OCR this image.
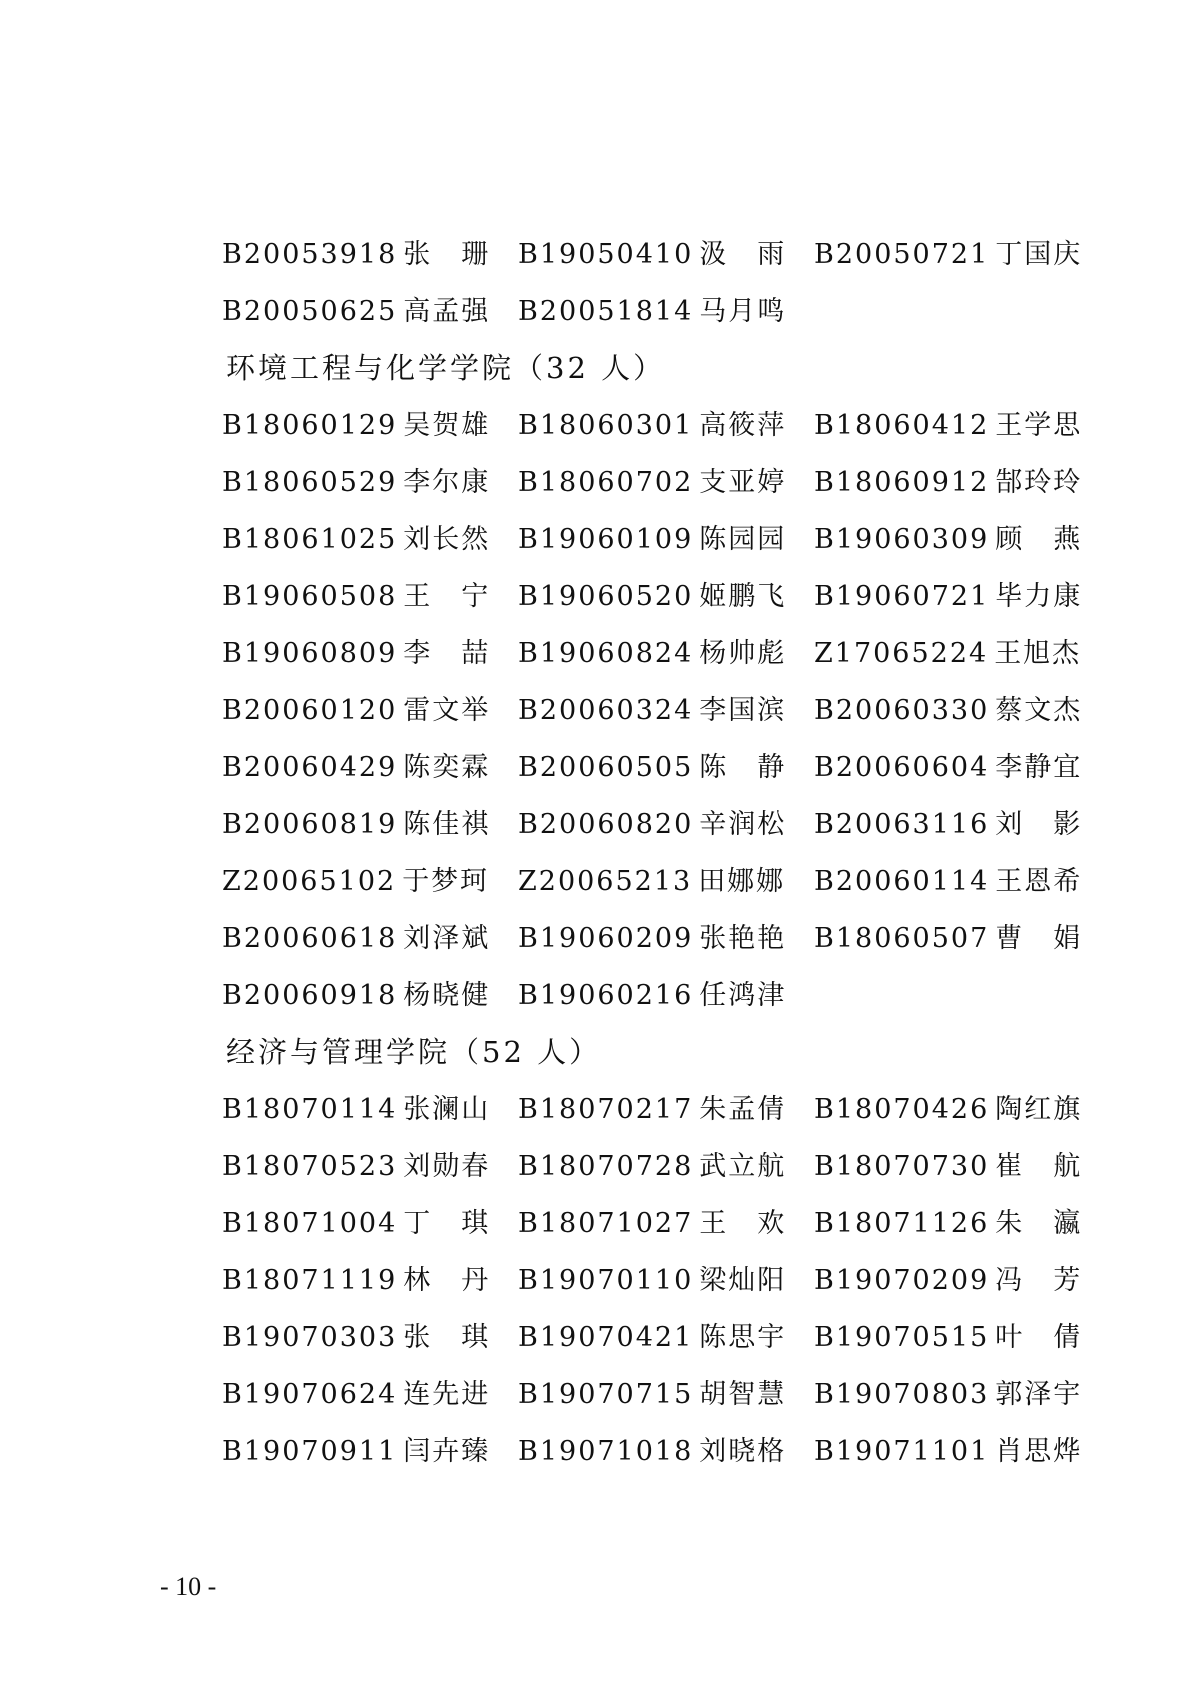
B20053918 张　珊 B19050410 汲　雨 B20050721 丁国庆
B20050625 高孟强 B20051814 马月鸣
环境工程与化学学院（32 人）
B18060129 吴贺雄 B18060301 高筱萍 B18060412 王学思
B18060529 李尔康 B18060702 支亚婷 B18060912 郜玲玲
B18061025 刘长然 B19060109 陈园园 B19060309 顾　燕
B19060508 王　宁 B19060520 姬鹏飞 B19060721 毕力康
B19060809 李　喆 B19060824 杨帅彪 Z17065224 王旭杰
B20060120 雷文举 B20060324 李国滨 B20060330 蔡文杰
B20060429 陈奕霖 B20060505 陈　静 B20060604 李静宜
B20060819 陈佳祺 B20060820 辛润松 B20063116 刘　影
Z20065102 于梦珂 Z20065213 田娜娜 B20060114 王恩希
B20060618 刘泽斌 B19060209 张艳艳 B18060507 曹　娟
B20060918 杨晓健 B19060216 任鸿津
经济与管理学院（52 人）
B18070114 张澜山 B18070217 朱孟倩 B18070426 陶红旗
B18070523 刘勋春 B18070728 武立航 B18070730 崔　航
B18071004 丁　琪 B18071027 王　欢 B18071126 朱　瀛
B18071119 林　丹 B19070110 梁灿阳 B19070209 冯　芳
B19070303 张　琪 B19070421 陈思宇 B19070515 叶　倩
B19070624 连先进 B19070715 胡智慧 B19070803 郭泽宇
B19070911 闫卉臻 B19071018 刘晓格 B19071101 肖思烨
- 10 -
